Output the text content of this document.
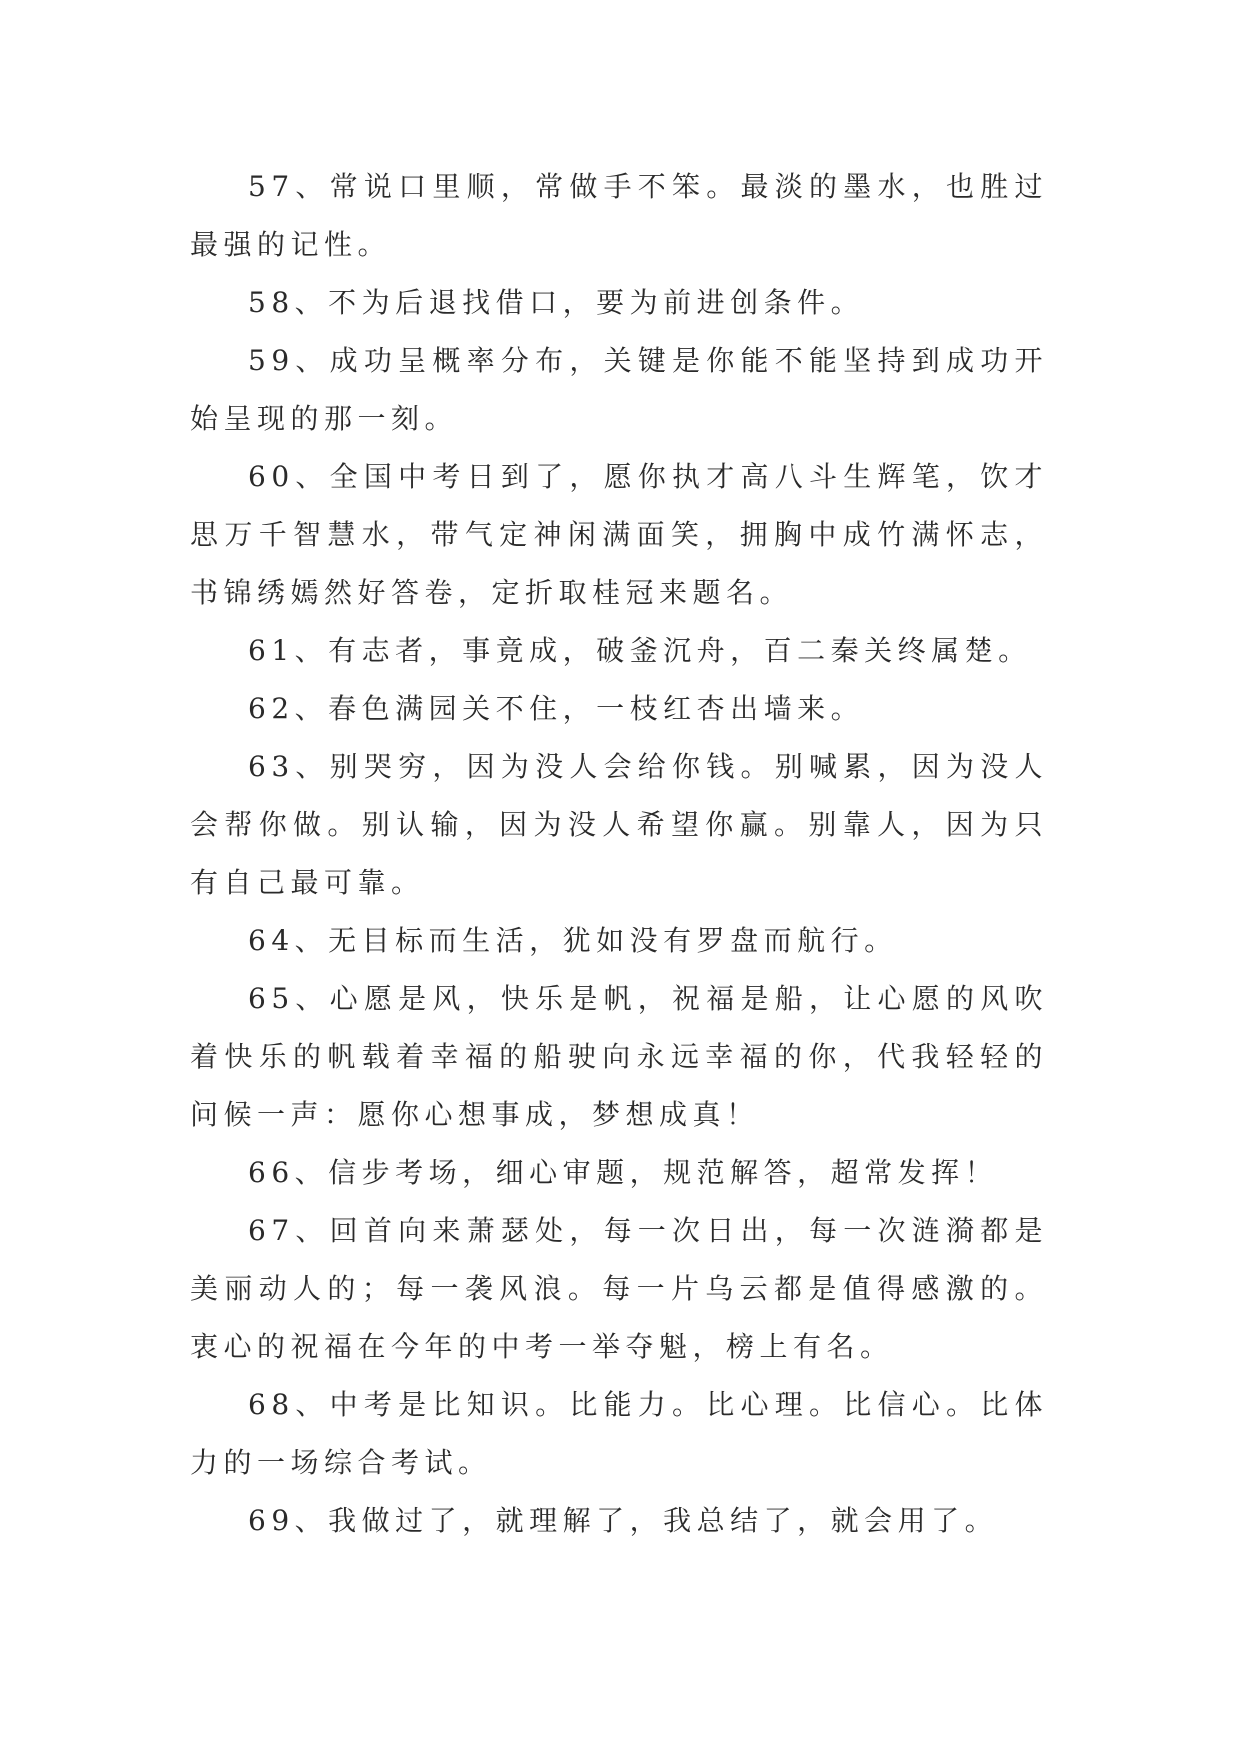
57、常说口里顺，常做手不笨。最淡的墨水，也胜过最强的记性。

58、不为后退找借口，要为前进创条件。

59、成功呈概率分布，关键是你能不能坚持到成功开始呈现的那一刻。

60、全国中考日到了，愿你执才高八斗生辉笔，饮才思万千智慧水，带气定神闲满面笑，拥胸中成竹满怀志，书锦绣嫣然好答卷，定折取桂冠来题名。

61、有志者，事竟成，破釜沉舟，百二秦关终属楚。

62、春色满园关不住，一枝红杏出墙来。

63、别哭穷，因为没人会给你钱。别喊累，因为没人会帮你做。别认输，因为没人希望你赢。别靠人，因为只有自己最可靠。

64、无目标而生活，犹如没有罗盘而航行。

65、心愿是风，快乐是帆，祝福是船，让心愿的风吹着快乐的帆载着幸福的船驶向永远幸福的你，代我轻轻的问候一声：愿你心想事成，梦想成真！

66、信步考场，细心审题，规范解答，超常发挥！

67、回首向来萧瑟处，每一次日出，每一次涟漪都是美丽动人的；每一袭风浪。每一片乌云都是值得感激的。衷心的祝福在今年的中考一举夺魁，榜上有名。

68、中考是比知识。比能力。比心理。比信心。比体力的一场综合考试。

69、我做过了，就理解了，我总结了，就会用了。
